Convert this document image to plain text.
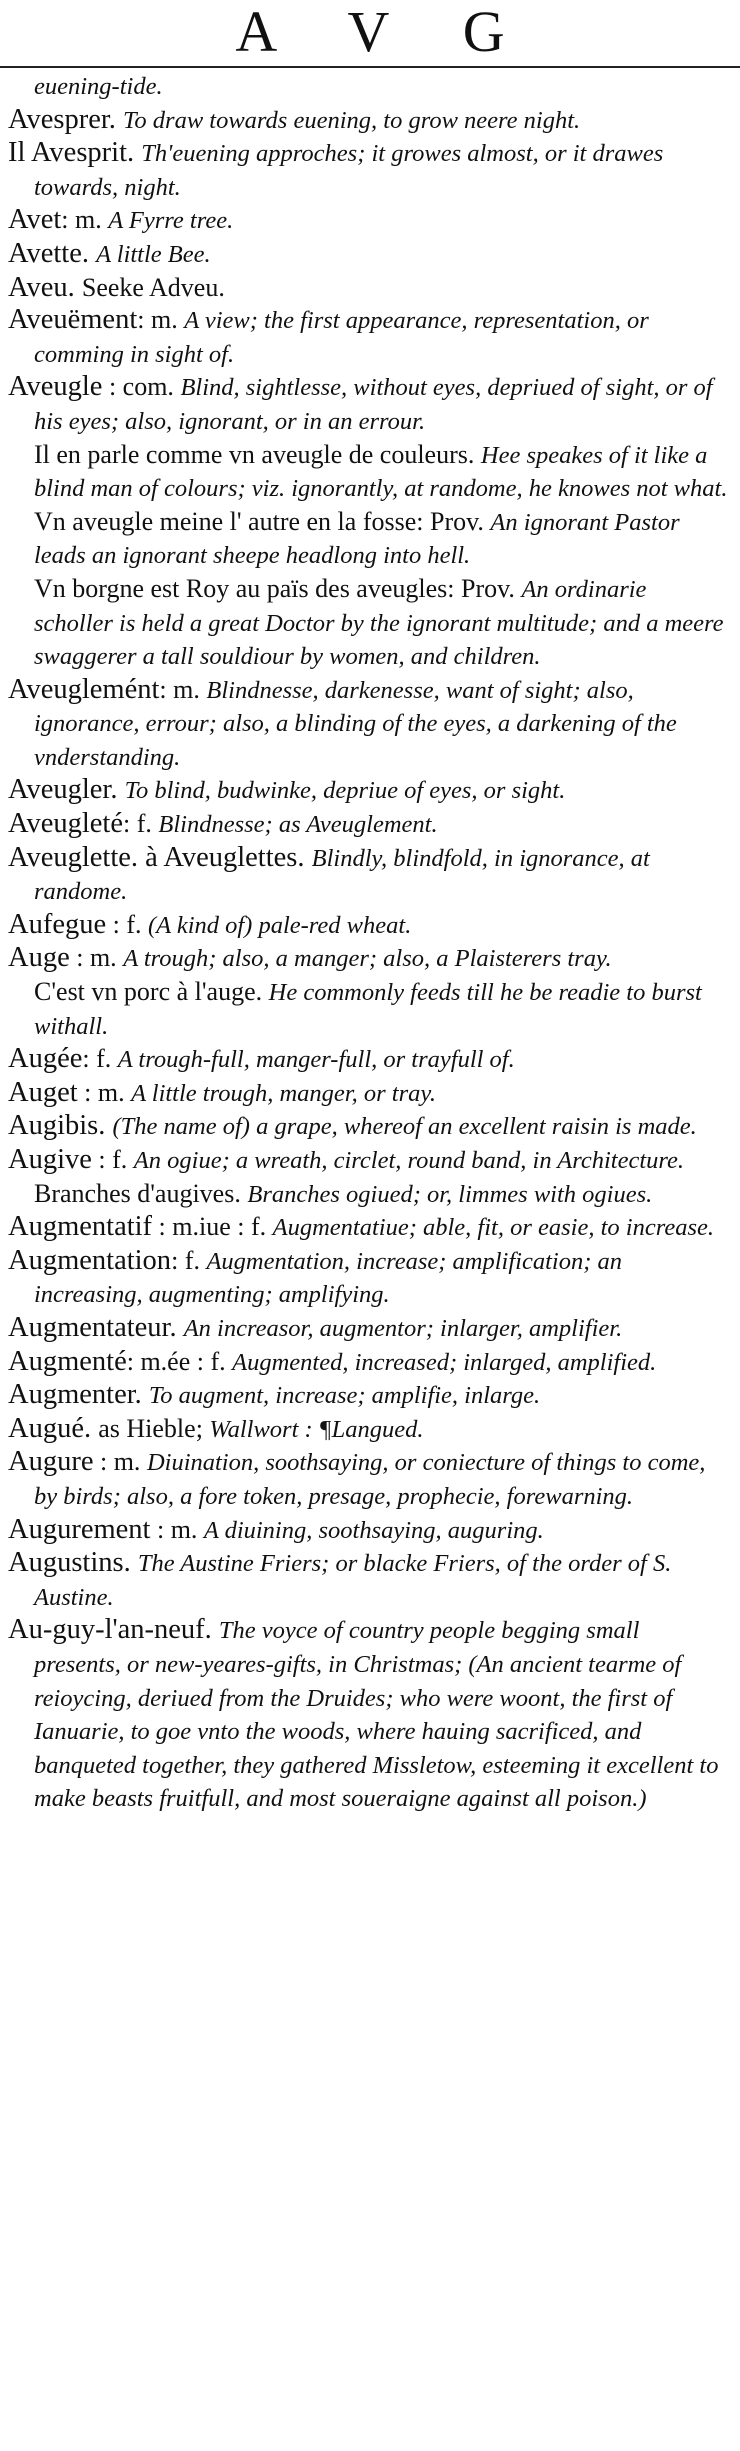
A V G

euening-tide.

Avesprer. To draw towards euening, to grow neere night.

Il Avesprit. Th'euening approches; it growes almost, or it drawes towards, night.

Avet: m. A Fyrre tree.

Avette. A little Bee.

Aveu. Seeke Adveu.

Aveuëment: m. A view; the first appearance, representation, or comming in sight of.

Aveugle : com. Blind, sightlesse, without eyes, depriued of sight, or of his eyes; also, ignorant, or in an errour.

Il en parle comme vn aveugle de couleurs. Hee speakes of it like a blind man of colours; viz. ignorantly, at randome, he knowes not what.

Vn aveugle meine l' autre en la fosse: Prov. An ignorant Pastor leads an ignorant sheepe headlong into hell.

Vn borgne est Roy au païs des aveugles: Prov. An ordinarie scholler is held a great Doctor by the ignorant multitude; and a meere swaggerer a tall souldiour by women, and children.

Aveuglemént: m. Blindnesse, darkenesse, want of sight; also, ignorance, errour; also, a blinding of the eyes, a darkening of the vnderstanding.

Aveugler. To blind, budwinke, depriue of eyes, or sight.

Aveugleté: f. Blindnesse; as Aveuglement.

Aveuglette. à Aveuglettes. Blindly, blindfold, in ignorance, at randome.

Aufegue : f. (A kind of) pale-red wheat.

Auge : m. A trough; also, a manger; also, a Plaisterers tray.

C'est vn porc à l'auge. He commonly feeds till he be readie to burst withall.

Augée: f. A trough-full, manger-full, or trayfull of.

Auget : m. A little trough, manger, or tray.

Augibis. (The name of) a grape, whereof an excellent raisin is made.

Augive : f. An ogiue; a wreath, circlet, round band, in Architecture.

Branches d'augives. Branches ogiued; or, limmes with ogiues.

Augmentatif : m.iue : f. Augmentatiue; able, fit, or easie, to increase.

Augmentation: f. Augmentation, increase; amplification; an increasing, augmenting; amplifying.

Augmentateur. An increasor, augmentor; inlarger, amplifier.

Augmenté: m.ée : f. Augmented, increased; inlarged, amplified.

Augmenter. To augment, increase; amplifie, inlarge.

Augué. as Hieble; Wallwort : ¶Langued.

Augure : m. Diuination, soothsaying, or coniecture of things to come, by birds; also, a fore token, presage, prophecie, forewarning.

Augurement : m. A diuining, soothsaying, auguring.

Augustins. The Austine Friers; or blacke Friers, of the order of S. Austine.

Au-guy-l'an-neuf. The voyce of country people begging small presents, or new-yeares-gifts, in Christmas; (An ancient tearme of reioycing, deriued from the Druides; who were woont, the first of Ianuarie, to goe vnto the woods, where hauing sacrificed, and banqueted together, they gathered Missletow, esteeming it excellent to make beasts fruitfull, and most soueraigne against all poison.)
